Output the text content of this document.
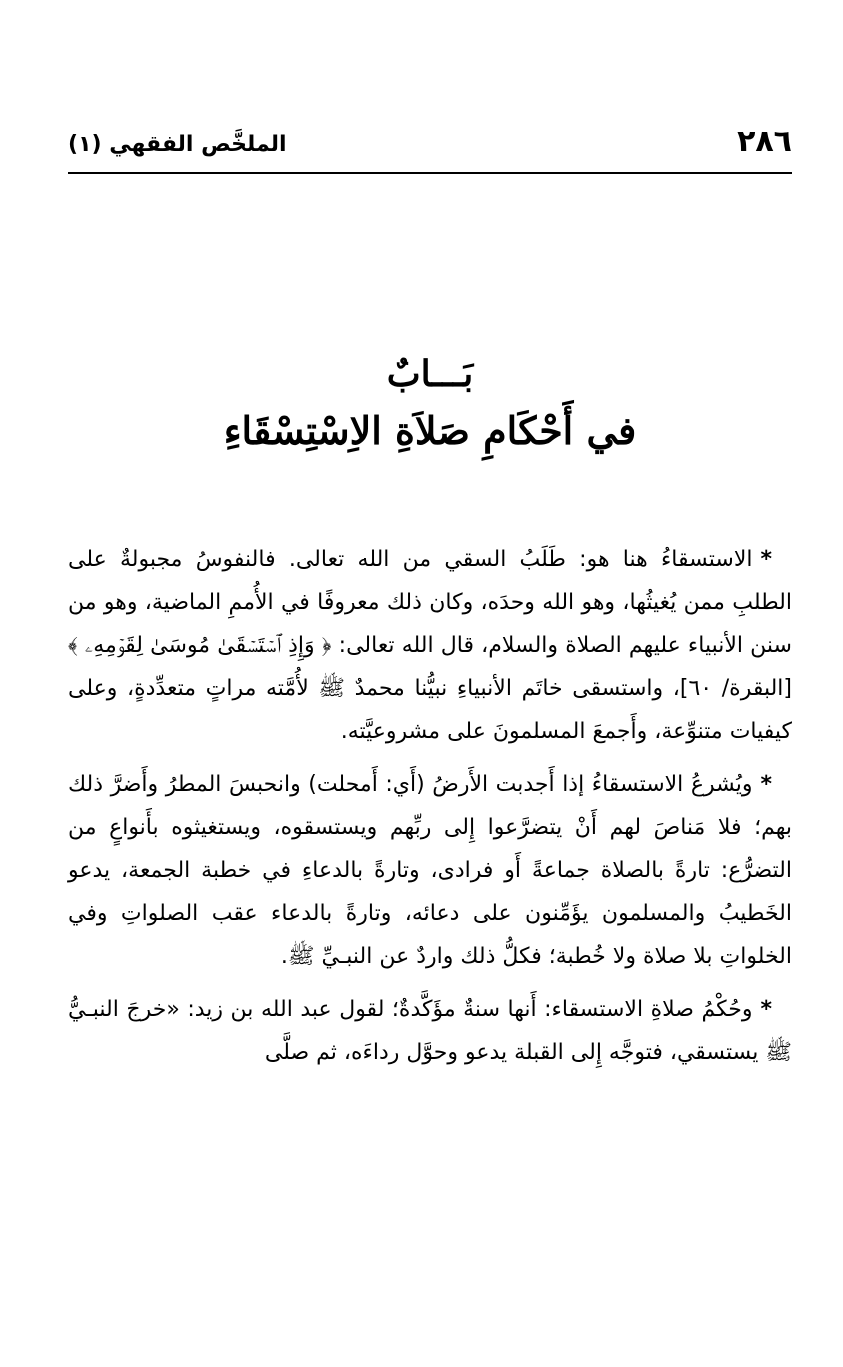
الملخَّص الفقهي (١)	٢٨٦
بَـــابٌ
في أَحْكَامِ صَلاَةِ الاِسْتِسْقَاءِ

*الاستسقاءُ هنا هو: طَلَبُ السقي من الله تعالى. فالنفوسُ مجبولةٌ على الطلبِ ممن يُغيثُها، وهو الله وحدَه، وكان ذلك معروفًا في الأُممِ الماضية، وهو من سنن الأنبياء عليهم الصلاة والسلام، قال الله تعالى: ﴿ وَإِذِ ٱسۡتَسۡقَىٰ مُوسَىٰ لِقَوۡمِهِۦ ﴾ [البقرة/ ٦٠]، واستسقى خاتَم الأنبياءِ نبيُّنا محمدٌ ﷺ لأُمَّته مراتٍ متعدِّدةٍ، وعلى كيفيات متنوِّعة، وأَجمعَ المسلمونَ على مشروعيَّته.

*ويُشرعُ الاستسقاءُ إذا أَجدبت الأَرضُ (أَي: أَمحلت) وانحبسَ المطرُ وأَضرَّ ذلك بهم؛ فلا مَناصَ لهم أَنْ يتضرَّعوا إِلى ربِّهم ويستسقوه، ويستغيثوه بأَنواعٍ من التضرُّع: تارةً بالصلاة جماعةً أَو فرادى، وتارةً بالدعاءِ في خطبة الجمعة، يدعو الخَطيبُ والمسلمون يؤَمِّنون على دعائه، وتارةً بالدعاء عقب الصلواتِ وفي الخلواتِ بلا صلاة ولا خُطبة؛ فكلُّ ذلك واردٌ عن النبـيِّ ﷺ.

*وحُكْمُ صلاةِ الاستسقاء: أَنها سنةٌ مؤَكَّدةٌ؛ لقول عبد الله بن زيد: «خرجَ النبـيُّ ﷺ يستسقي، فتوجَّه إِلى القبلة يدعو وحوَّل رداءَه، ثم صلَّى
